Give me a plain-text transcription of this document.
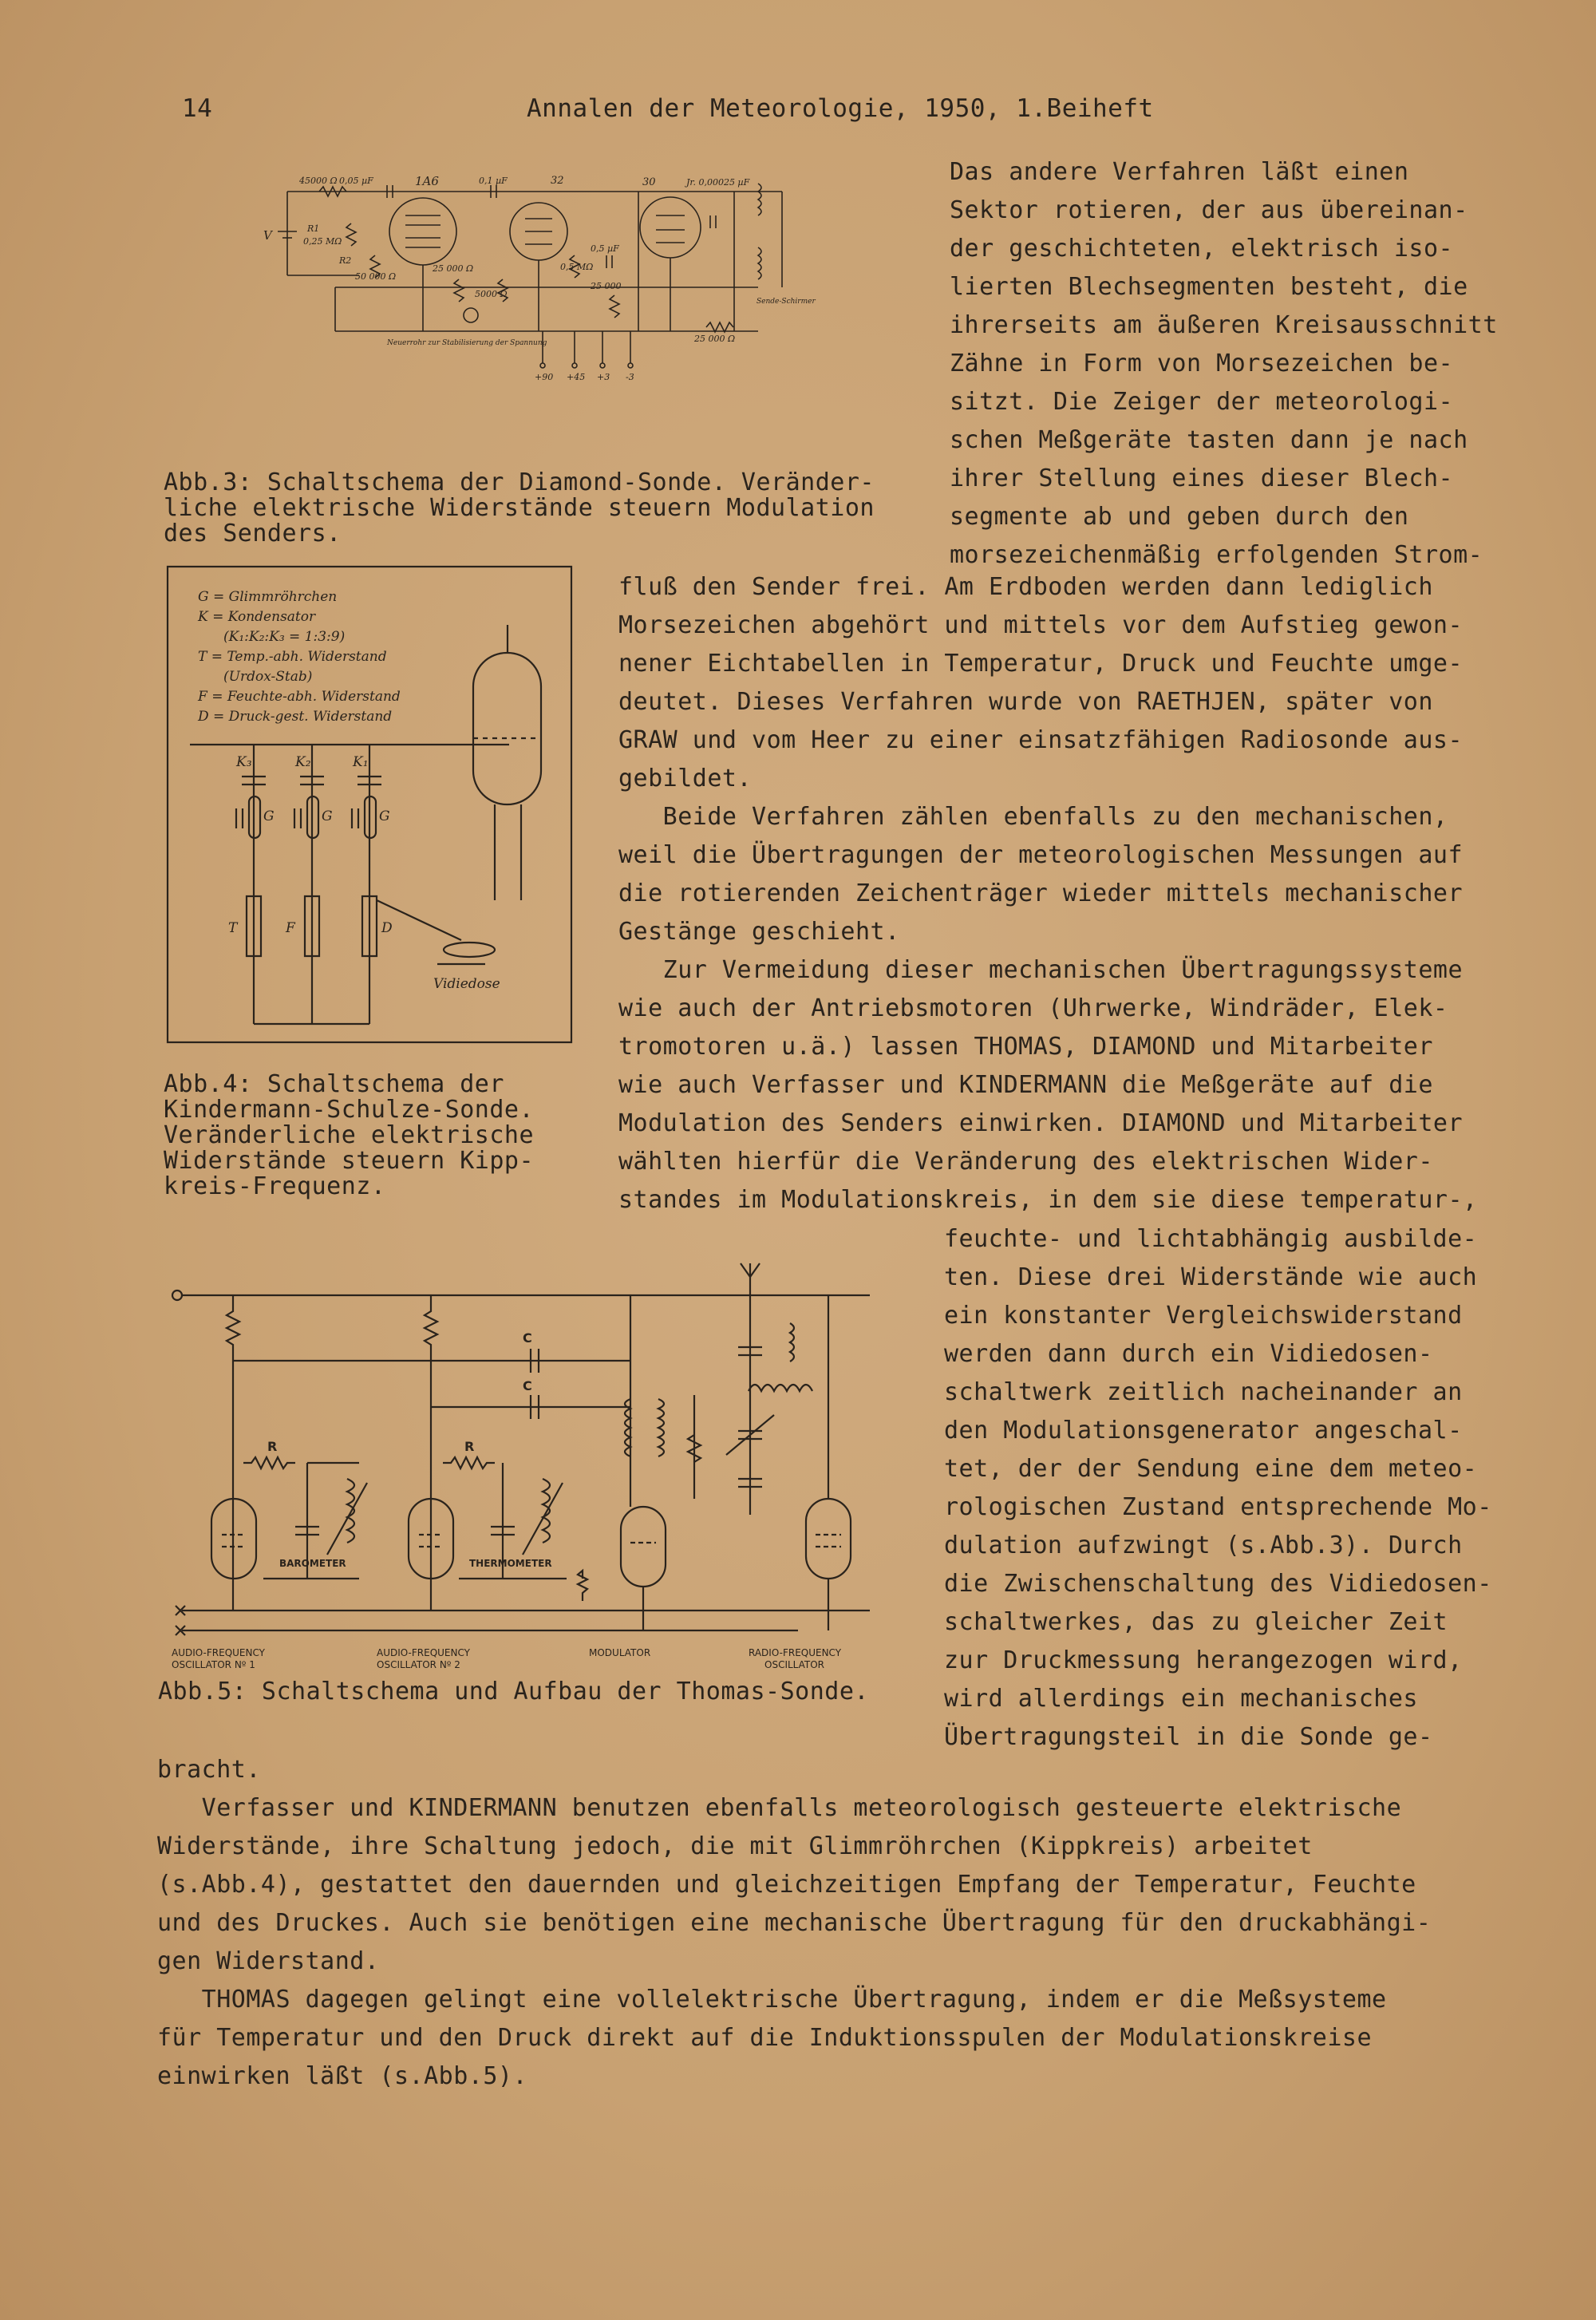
14	Annalen der Meteorologie, 1950, 1.Beiheft
45000 Ω 0,05 µF	1A6	0,1 µF	32	30	Jr. 0,00025 µF
V	R1
0,25 MΩ
R2
50 000 Ω
25 000 Ω
5000 Ω
0,5 MΩ
0,5 µF
25 000
Sende-Schirmer
25 000 Ω
Neuerrohr zur Stabilisierung der Spannung
+90 +45 +3 -3

Abb.3: Schaltschema der Diamond-Sonde. Veränder-

liche elektrische Widerstände steuern Modulation

des Senders.

G = Glimmröhrchen
K = Kondensator
(K₁:K₂:K₃ = 1:3:9)
T = Temp.-abh. Widerstand
(Urdox-Stab)
F = Feuchte-abh. Widerstand
D = Druck-gest. Widerstand
K₃	K₂	K₁
G	G	G
T	F	D
Vidiedose

Abb.4: Schaltschema der

Kindermann-Schulze-Sonde.

Veränderliche elektrische

Widerstände steuern Kipp-

kreis-Frequenz.

C
C
R	R
BAROMETER	THERMOMETER
AUDIO-FREQUENCY
OSCILLATOR Nº 1
AUDIO-FREQUENCY
OSCILLATOR Nº 2
MODULATOR	RADIO-FREQUENCY
OSCILLATOR
Abb.5: Schaltschema und Aufbau der Thomas-Sonde.

Das andere Verfahren läßt einen

Sektor rotieren, der aus übereinan-

der geschichteten, elektrisch iso-

lierten Blechsegmenten besteht, die

ihrerseits am äußeren Kreisausschnitt

Zähne in Form von Morsezeichen be-

sitzt. Die Zeiger der meteorologi-

schen Meßgeräte tasten dann je nach

ihrer Stellung eines dieser Blech-

segmente ab und geben durch den

morsezeichenmäßig erfolgenden Strom-

fluß den Sender frei. Am Erdboden werden dann lediglich

Morsezeichen abgehört und mittels vor dem Aufstieg gewon-

nener Eichtabellen in Temperatur, Druck und Feuchte umge-

deutet. Dieses Verfahren wurde von RAETHJEN, später von

GRAW und vom Heer zu einer einsatzfähigen Radiosonde aus-

gebildet.

Beide Verfahren zählen ebenfalls zu den mechanischen,

weil die Übertragungen der meteorologischen Messungen auf

die rotierenden Zeichenträger wieder mittels mechanischer

Gestänge geschieht.

Zur Vermeidung dieser mechanischen Übertragungssysteme

wie auch der Antriebsmotoren (Uhrwerke, Windräder, Elek-

tromotoren u.ä.) lassen THOMAS, DIAMOND und Mitarbeiter

wie auch Verfasser und KINDERMANN die Meßgeräte auf die

Modulation des Senders einwirken. DIAMOND und Mitarbeiter

wählten hierfür die Veränderung des elektrischen Wider-

standes im Modulationskreis, in dem sie diese temperatur-,

feuchte- und lichtabhängig ausbilde-

ten. Diese drei Widerstände wie auch

ein konstanter Vergleichswiderstand

werden dann durch ein Vidiedosen-

schaltwerk zeitlich nacheinander an

den Modulationsgenerator angeschal-

tet, der der Sendung eine dem meteo-

rologischen Zustand entsprechende Mo-

dulation aufzwingt (s.Abb.3). Durch

die Zwischenschaltung des Vidiedosen-

schaltwerkes, das zu gleicher Zeit

zur Druckmessung herangezogen wird,

wird allerdings ein mechanisches

Übertragungsteil in die Sonde ge-

bracht.

Verfasser und KINDERMANN benutzen ebenfalls meteorologisch gesteuerte elektrische

Widerstände, ihre Schaltung jedoch, die mit Glimmröhrchen (Kippkreis) arbeitet

(s.Abb.4), gestattet den dauernden und gleichzeitigen Empfang der Temperatur, Feuchte

und des Druckes. Auch sie benötigen eine mechanische Übertragung für den druckabhängi-

gen Widerstand.

THOMAS dagegen gelingt eine vollelektrische Übertragung, indem er die Meßsysteme

für Temperatur und den Druck direkt auf die Induktionsspulen der Modulationskreise

einwirken läßt (s.Abb.5).
